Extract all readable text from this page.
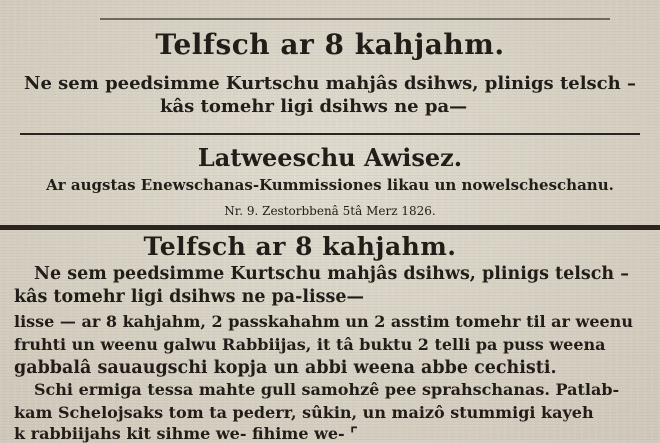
Telfsch ar 8 kahjahm.
Ne sem peedsimme Kurtschu mahjâs dsihws, plinigs telsch –
kâs tomehr ligi dsihws ne pa—
Latweeschu Awisez.
Ar augstas Enewschanas-Kummissiones likau un nowelscheschanu.
Nr. 9. Zestorbbenâ 5tâ Merz 1826.
Telfsch ar 8 kahjahm.
Ne sem peedsimme Kurtschu mahjâs dsihws, plinigs telsch –
kâs tomehr ligi dsihws ne pa-lisse—
lisse — ar 8 kahjahm, 2 passkahahm un 2 asstim tomehr til ar weenu
fruhti un weenu galwu Rabbiijas, it tâ buktu 2 telli pa puss weena
gabbalâ sauaugschi kopja un abbi weena abbe cechisti.
Schi ermiga tessa mahte gull samohzê pee sprahschanas. Patlab-
kam Schelojsaks tom ta pederr, sûkin, un maizô stummigi kayeh
k rabbiijahs kit sihme we- fihime we- ⌜
